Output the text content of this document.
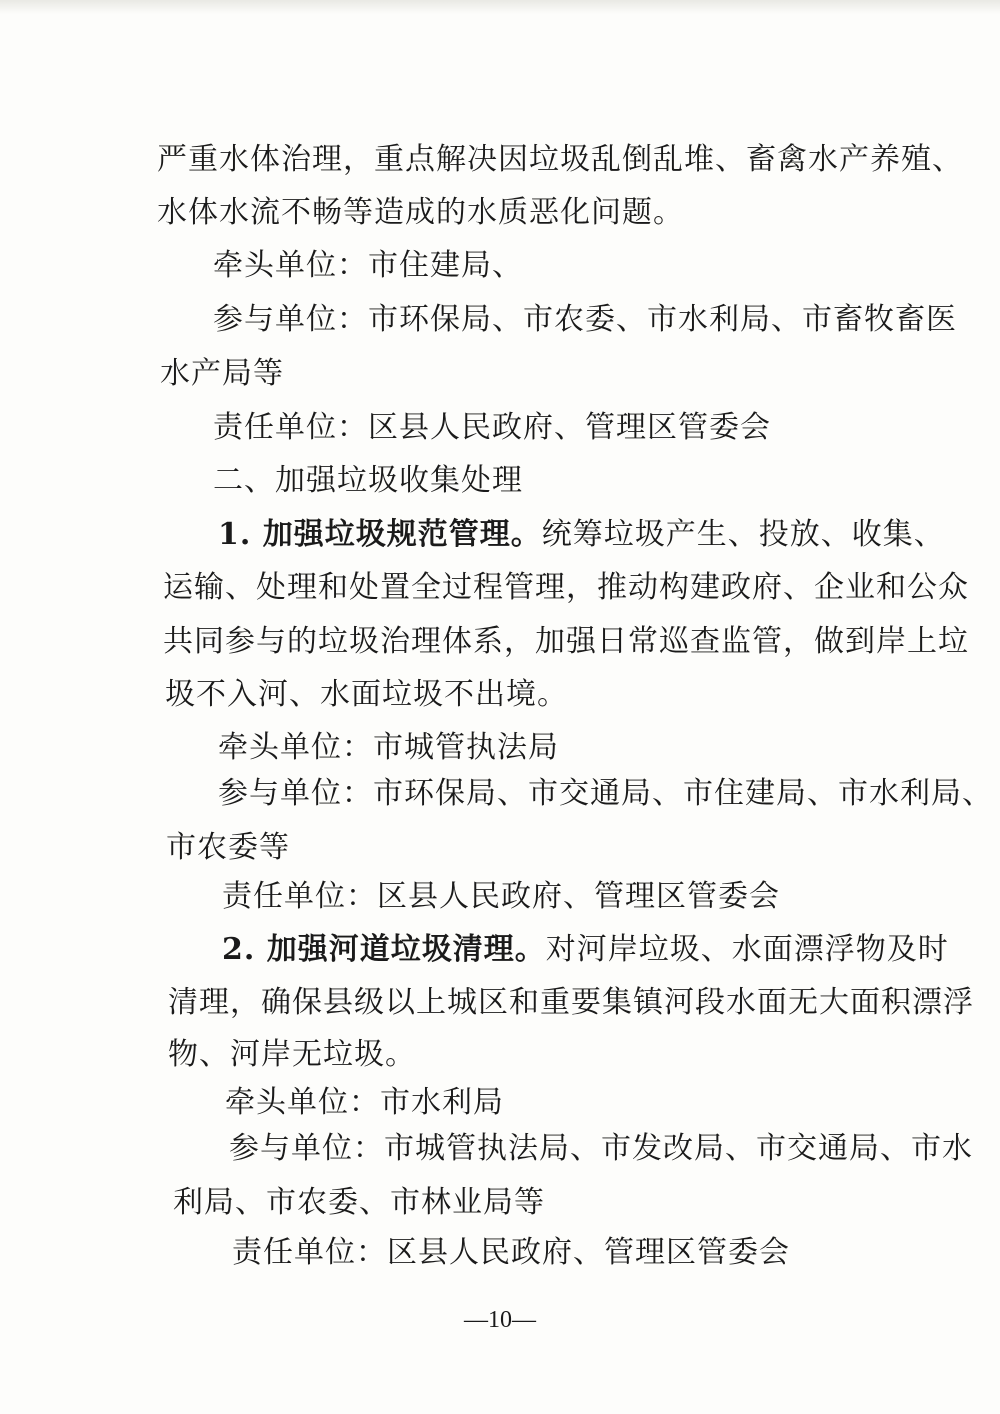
严重水体治理，重点解决因垃圾乱倒乱堆、畜禽水产养殖、
水体水流不畅等造成的水质恶化问题。
牵头单位：市住建局、
参与单位：市环保局、市农委、市水利局、市畜牧畜医
水产局等
责任单位：区县人民政府、管理区管委会
二、加强垃圾收集处理
1. 加强垃圾规范管理。统筹垃圾产生、投放、收集、
运输、处理和处置全过程管理，推动构建政府、企业和公众
共同参与的垃圾治理体系，加强日常巡查监管，做到岸上垃
圾不入河、水面垃圾不出境。
牵头单位：市城管执法局
参与单位：市环保局、市交通局、市住建局、市水利局、
市农委等
责任单位：区县人民政府、管理区管委会
2. 加强河道垃圾清理。对河岸垃圾、水面漂浮物及时
清理，确保县级以上城区和重要集镇河段水面无大面积漂浮
物、河岸无垃圾。
牵头单位：市水利局
参与单位：市城管执法局、市发改局、市交通局、市水
利局、市农委、市林业局等
责任单位：区县人民政府、管理区管委会
—10—
